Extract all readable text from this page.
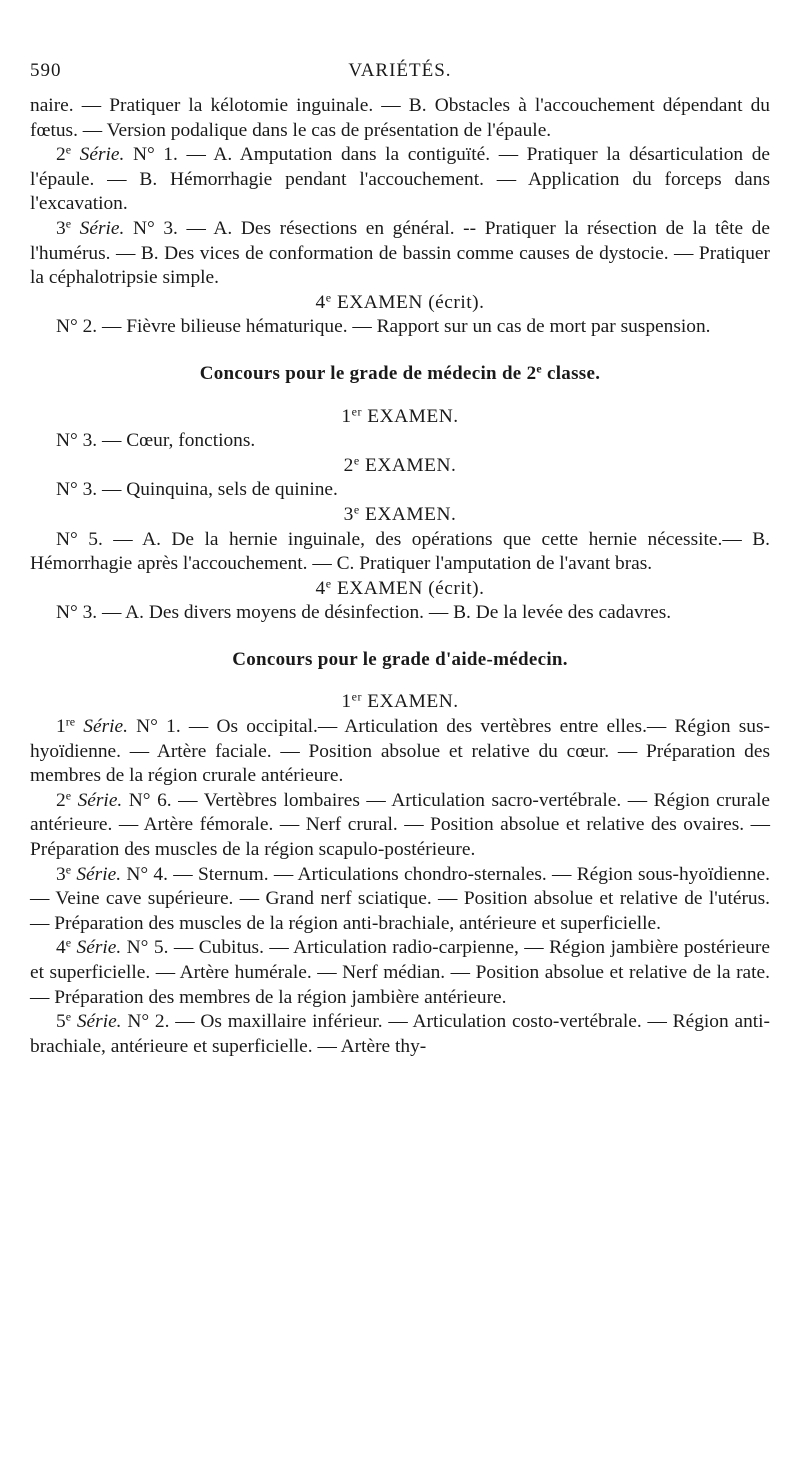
590	VARIÉTÉS.

naire. — Pratiquer la kélotomie inguinale. — B. Obstacles à l'accouchement dépendant du fœtus. — Version podalique dans le cas de présentation de l'épaule.

2e Série. N° 1. — A. Amputation dans la contiguïté. — Pratiquer la désarticulation de l'épaule. — B. Hémorrhagie pendant l'accouchement. — Application du forceps dans l'excavation.

3e Série. N° 3. — A. Des résections en général. -- Pratiquer la résection de la tête de l'humérus. — B. Des vices de conformation de bassin comme causes de dystocie. — Pratiquer la céphalotripsie simple.

4e EXAMEN (écrit).

N° 2. — Fièvre bilieuse hématurique. — Rapport sur un cas de mort par suspension.

Concours pour le grade de médecin de 2e classe.

1er EXAMEN.

N° 3. — Cœur, fonctions.

2e EXAMEN.

N° 3. — Quinquina, sels de quinine.

3e EXAMEN.

N° 5. — A. De la hernie inguinale, des opérations que cette hernie nécessite.— B. Hémorrhagie après l'accouchement. — C. Pratiquer l'amputation de l'avant bras.

4e EXAMEN (écrit).

N° 3. — A. Des divers moyens de désinfection. — B. De la levée des cadavres.

Concours pour le grade d'aide-médecin.

1er EXAMEN.

1re Série. N° 1. — Os occipital.— Articulation des vertèbres entre elles.— Région sus-hyoïdienne. — Artère faciale. — Position absolue et relative du cœur. — Préparation des membres de la région crurale antérieure.

2e Série. N° 6. — Vertèbres lombaires — Articulation sacro-vertébrale. — Région crurale antérieure. — Artère fémorale. — Nerf crural. — Position absolue et relative des ovaires. — Préparation des muscles de la région scapulo-postérieure.

3e Série. N° 4. — Sternum. — Articulations chondro-sternales. — Région sous-hyoïdienne. — Veine cave supérieure. — Grand nerf sciatique. — Position absolue et relative de l'utérus. — Préparation des muscles de la région anti-brachiale, antérieure et superficielle.

4e Série. N° 5. — Cubitus. — Articulation radio-carpienne, — Région jambière postérieure et superficielle. — Artère humérale. — Nerf médian. — Position absolue et relative de la rate. — Préparation des membres de la région jambière antérieure.

5e Série. N° 2. — Os maxillaire inférieur. — Articulation costo-vertébrale. — Région anti-brachiale, antérieure et superficielle. — Artère thy-
